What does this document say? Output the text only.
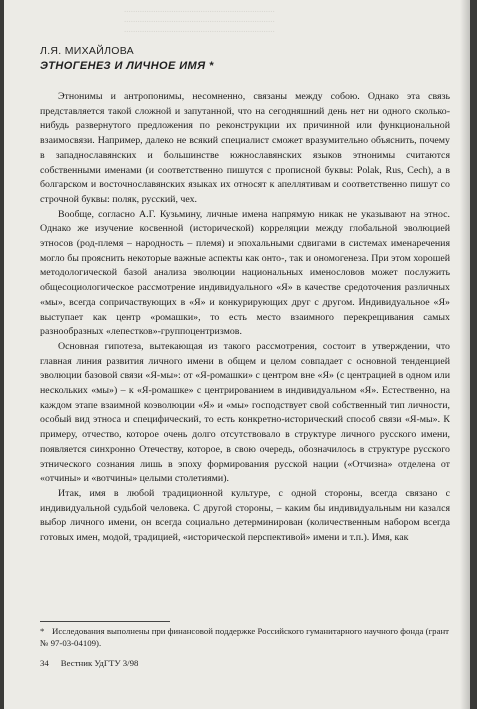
...................................................................
...................................................................
...................................................................
Л.Я. МИХАЙЛОВА
ЭТНОГЕНЕЗ И ЛИЧНОЕ ИМЯ *

Этнонимы и антропонимы, несомненно, связаны между собою. Однако эта связь представляется такой сложной и запутанной, что на сегодняшний день нет ни одного сколько-нибудь развернутого предложения по реконструкции их причинной или функциональной взаимосвязи. Например, далеко не всякий специалист сможет вразумительно объяснить, почему в западнославянских и большинстве южнославянских языков этнонимы считаются собственными именами (и соответственно пишутся с прописной буквы: Polak, Rus, Cech), а в болгарском и восточнославянских языках их относят к апеллятивам и соответственно пишут со строчной буквы: поляк, русский, чех.

Вообще, согласно А.Г. Кузьмину, личные имена напрямую никак не указывают на этнос. Однако же изучение косвенной (исторической) корреляции между глобальной эволюцией этносов (род-племя – народность – племя) и эпохальными сдвигами в системах именаречения могло бы прояснить некоторые важные аспекты как онто-, так и ономогенеза. При этом хорошей методологической базой анализа эволюции национальных именословов может послужить общесоциологическое рассмотрение индивидуального «Я» в качестве средоточения различных «мы», всегда сопричаствующих в «Я» и конкурирующих друг с другом. Индивидуальное «Я» выступает как центр «ромашки», то есть место взаимного перекрещивания самых разнообразных «лепестков»-группоцентризмов.

Основная гипотеза, вытекающая из такого рассмотрения, состоит в утверждении, что главная линия развития личного имени в общем и целом совпадает с основной тенденцией эволюции базовой связи «Я-мы»: от «Я-ромашки» с центром вне «Я» (с центрацией в одном или нескольких «мы») – к «Я-ромашке» с центрированием в индивидуальном «Я». Естественно, на каждом этапе взаимной коэволюции «Я» и «мы» господствует свой собственный тип личности, особый вид этноса и специфический, то есть конкретно-исторический способ связи «Я-мы». К примеру, отчество, которое очень долго отсутствовало в структуре личного русского имени, появляется синхронно Отечеству, которое, в свою очередь, обозначилось в структуре русского этнического сознания лишь в эпоху формирования русской нации («Отчизна» отделена от «отчины» и «вотчины» целыми столетиями).

Итак, имя в любой традиционной культуре, с одной стороны, всегда связано с индивидуальной судьбой человека. С другой стороны, – каким бы индивидуальным ни казался выбор личного имени, он всегда социально детерминирован (количественным набором всегда готовых имен, модой, традицией, «исторической перспективой» имени и т.п.). Имя, как

* Исследования выполнены при финансовой поддержке Российского гуманитарного научного фонда (грант № 97-03-04109).
34 Вестник УдГТУ 3/98
